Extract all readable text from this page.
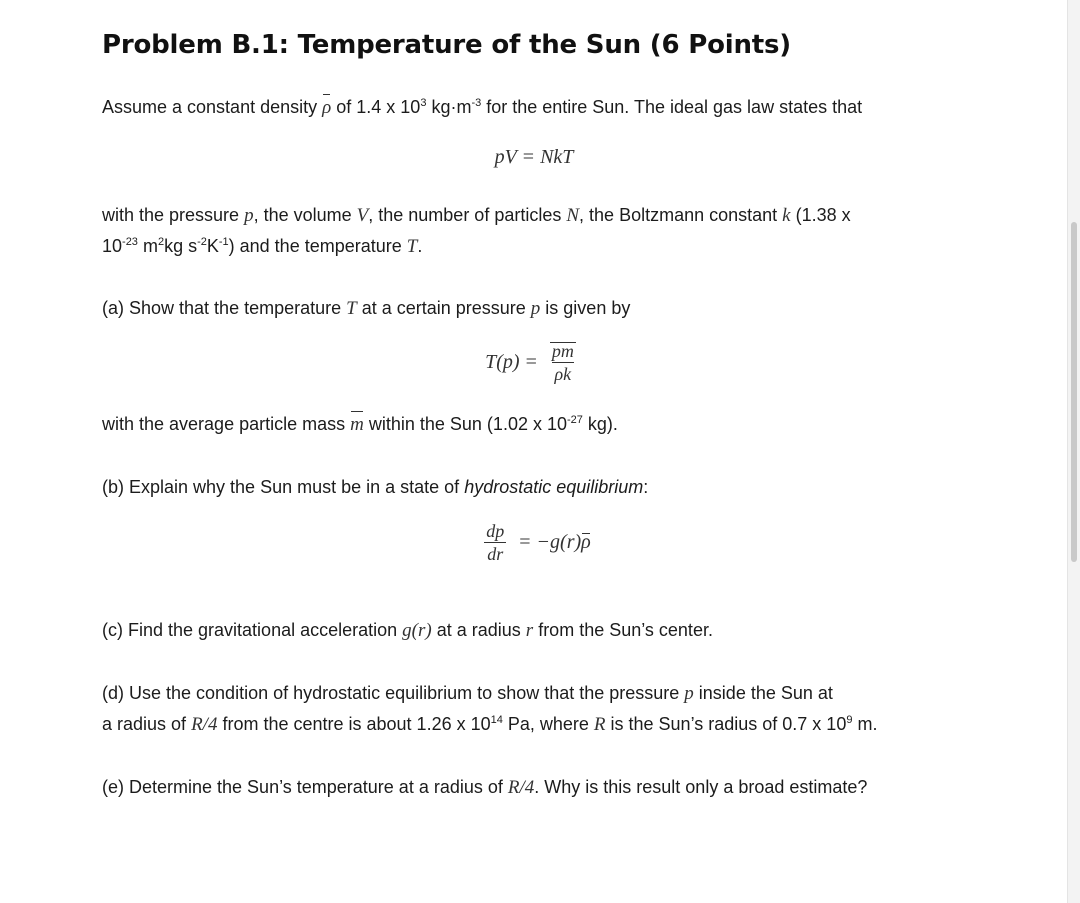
Problem B.1: Temperature of the Sun (6 Points)

Assume a constant density ρ of 1.4 x $10^3$ $kg\cdot m^{-3}$ for the entire Sun. The ideal gas law states that

pV = NkT

with the pressure p, the volume V, the number of particles N, the Boltzmann constant k (1.38 x
$10^{-23}$ $m^2kg$ $s^{-2}K^{-1}$) and the temperature T.

(a) Show that the temperature T at a certain pressure p is given by

$T(p) = \frac{pm}{\rho k}$

with the average particle mass m within the Sun (1.02 x $10^{-27}$ kg).

(b) Explain why the Sun must be in a state of hydrostatic equilibrium:

$\frac{dp}{dr} = -g(r)$ ρ

(c) Find the gravitational acceleration g(r) at a radius r from the Sun’s center.

(d) Use the condition of hydrostatic equilibrium to show that the pressure p inside the Sun at
a radius of R/4 from the centre is about 1.26 x $10^{14}$ Pa, where R is the Sun’s radius of 0.7 x $10^9$ m.

(e) Determine the Sun’s temperature at a radius of R/4. Why is this result only a broad estimate?
